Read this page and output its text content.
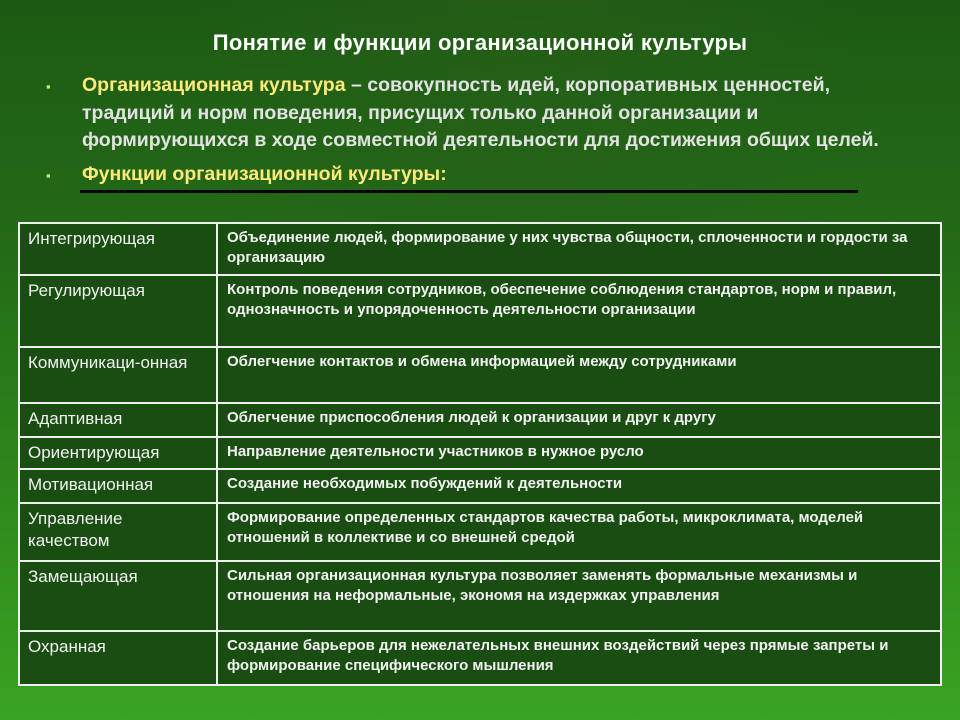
Понятие и функции организационной культуры
▪ Организационная культура – совокупность идей, корпоративных ценностей, традиций и норм поведения, присущих только данной организации и формирующихся в ходе совместной деятельности для достижения общих целей.
▪ Функции организационной культуры:
Интегрирующая	Объединение людей, формирование у них чувства общности, сплоченности и гордости за организацию
Регулирующая	Контроль поведения сотрудников, обеспечение соблюдения стандартов, норм и правил, однозначность и упорядоченность деятельности организации
Коммуникаци-онная	Облегчение контактов и обмена информацией между сотрудниками
Адаптивная	Облегчение приспособления людей к организации и друг к другу
Ориентирующая	Направление деятельности участников в нужное русло
Мотивационная	Создание необходимых побуждений к деятельности
Управление качеством	Формирование определенных стандартов качества работы, микроклимата, моделей отношений в коллективе и со внешней средой
Замещающая	Сильная организационная культура позволяет заменять формальные механизмы и отношения на неформальные, экономя на издержках управления
Охранная	Создание барьеров для нежелательных внешних воздействий через прямые запреты и формирование специфического мышления
